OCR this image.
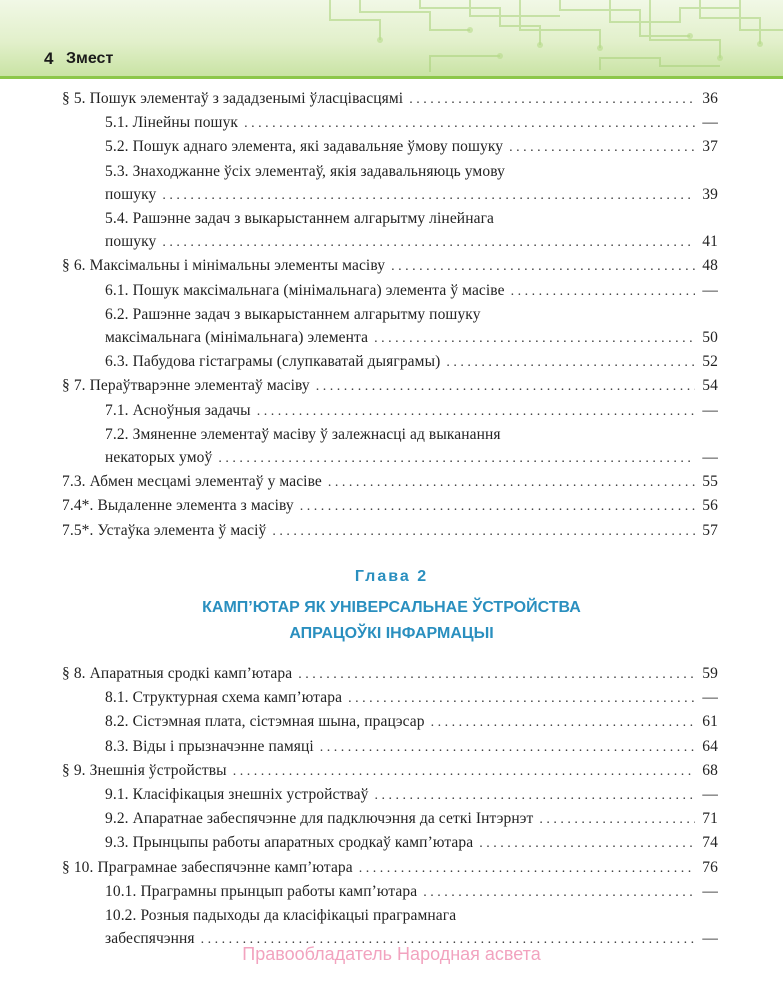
4 Змест
§ 5. Пошук элементаў з зададзенымі ўласцівасцямі . . .	36
5.1. Лінейны пошук . . .	—
5.2. Пошук аднаго элемента, які задавальняе ўмову пошуку . . .	37
5.3. Знаходжанне ўсіх элементаў, якія задавальняюць умову
пошуку . . .	39
5.4. Рашэнне задач з выкарыстаннем алгарытму лінейнага
пошуку . . .	41
§ 6. Максімальны і мінімальны элементы масіву . . .	48
6.1. Пошук максімальнага (мінімальнага) элемента ў масіве . . .	—
6.2. Рашэнне задач з выкарыстаннем алгарытму пошуку
максімальнага (мінімальнага) элемента . . .	50
6.3. Пабудова гістаграмы (слупкаватай дыяграмы) . . .	52
§ 7. Пераўтварэнне элементаў масіву . . .	54
7.1. Асноўныя задачы . . .	—
7.2. Змяненне элементаў масіву ў залежнасці ад выканання
некаторых умоў . . .	—
7.3. Абмен месцамі элементаў у масіве . . .	55
7.4*. Выдаленне элемента з масіву . . .	56
7.5*. Устаўка элемента ў масіў . . .	57
Глава 2
КАМП’ЮТАР ЯК УНІВЕРСАЛЬНАЕ ЎСТРОЙСТВА
АПРАЦОЎКІ ІНФАРМАЦЫІ
§ 8. Апаратныя сродкі камп’ютара . . .	59
8.1. Структурная схема камп’ютара . . .	—
8.2. Сістэмная плата, сістэмная шына, працэсар . . .	61
8.3. Віды і прызначэнне памяці . . .	64
§ 9. Знешнія ўстройствы . . .	68
9.1. Класіфікацыя знешніх устройстваў . . .	—
9.2. Апаратнае забеспячэнне для падключэння да сеткі Інтэрнэт . . .	71
9.3. Прынцыпы работы апаратных сродкаў камп’ютара . . .	74
§ 10. Праграмнае забеспячэнне камп’ютара . . .	76
10.1. Праграмны прынцып работы камп’ютара . . .	—
10.2. Розныя падыходы да класіфікацыі праграмнага
забеспячэння . . .	—
Правообладатель Народная асвета
